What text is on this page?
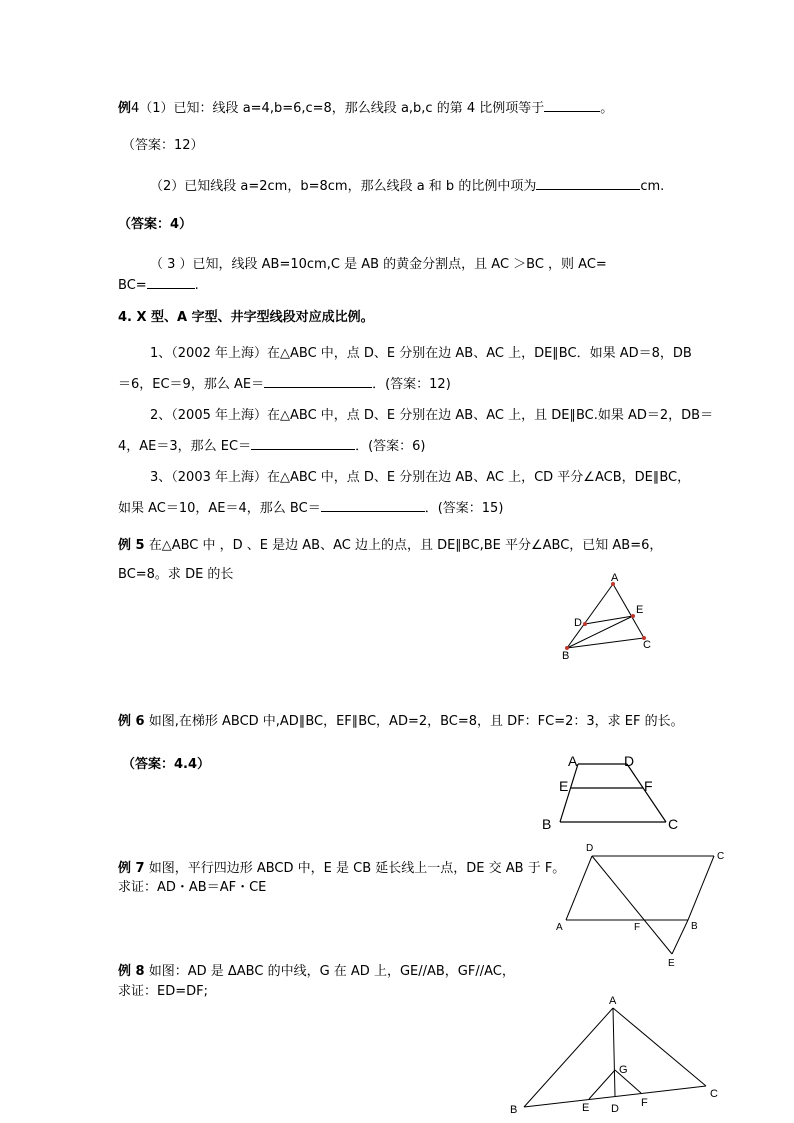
例4（1）已知：线段 a=4,b=6,c=8，那么线段 a,b,c 的第 4 比例项等于	。
（答案：12）
（2）已知线段 a=2cm，b=8cm，那么线段 a 和 b 的比例中项为	cm.
（答案：4）
（ 3 ）已知，线段 AB=10cm,C 是 AB 的黄金分割点，且 AC ＞BC ，则 AC=
BC=	.
4. X 型、A 字型、井字型线段对应成比例。
1、（2002 年上海）在△ABC 中，点 D、E 分别在边 AB、AC 上，DE∥BC．如果 AD＝8，DB
＝6，EC＝9，那么 AE＝	．(答案：12)
2、（2005 年上海）在△ABC 中，点 D、E 分别在边 AB、AC 上，且 DE∥BC.如果 AD＝2，DB＝
4，AE＝3，那么 EC＝	．(答案：6)
3、（2003 年上海）在△ABC 中，点 D、E 分别在边 AB、AC 上，CD 平分∠ACB，DE∥BC，
如果 AC＝10，AE＝4，那么 BC＝	．(答案：15)
例 5 在△ABC 中 ，D 、E 是边 AB、AC 边上的点，且 DE∥BC,BE 平分∠ABC，已知 AB=6，
BC=8。求 DE 的长	A
B
C
D
E
例 6 如图,在梯形 ABCD 中,AD∥BC，EF∥BC，AD=2，BC=8，且 DF：FC=2：3，求 EF 的长。
（答案：4.4）	A	D
E	F
B	C
例 7 如图，平行四边形 ABCD 中，E 是 CB 延长线上一点，DE 交 AB 于 F。
求证：AD・AB＝AF・CE
D
C
A	F	B
E
例 8 如图：AD 是 ΔABC 的中线，G 在 AD 上，GE//AB，GF//AC，
求证：ED=DF;
A
B
C
G
E D F
